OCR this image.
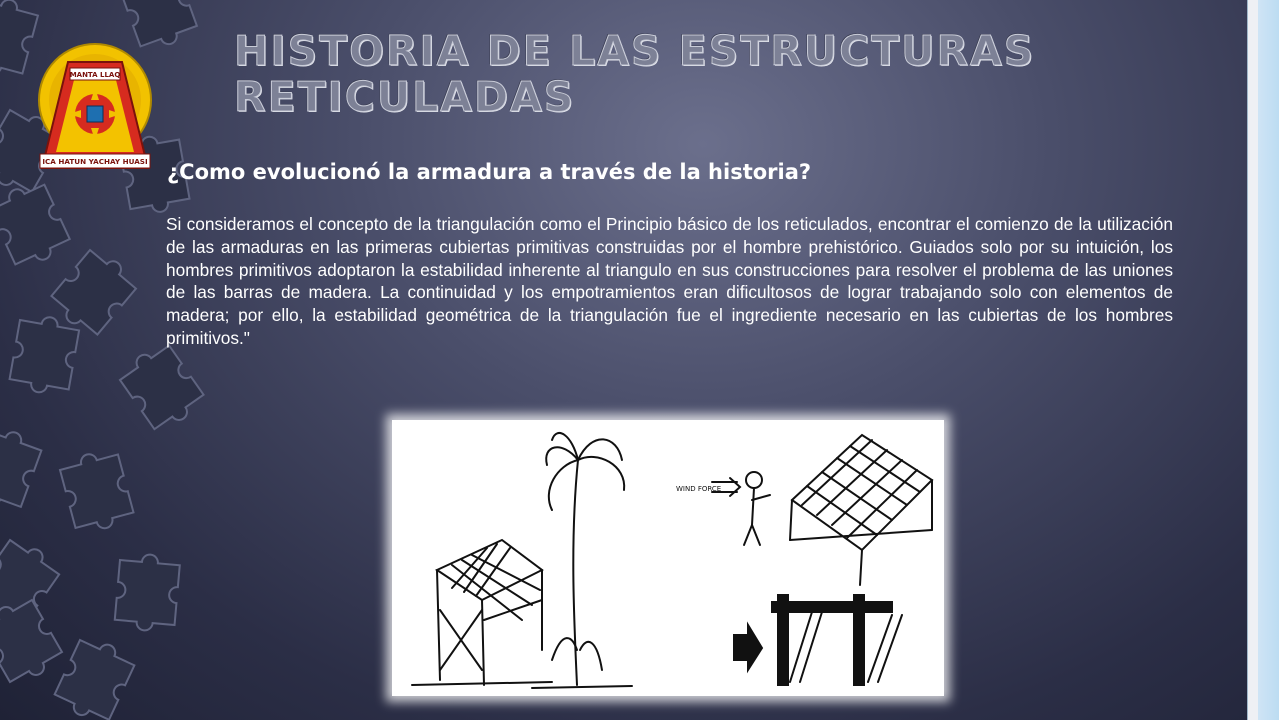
MANTA LLAQ
ICA HATUN YACHAY HUASI
HISTORIA DE LAS ESTRUCTURAS RETICULADAS

¿Como evolucionó la armadura a través de la historia?

Si consideramos el concepto de la triangulación como el Principio básico de los reticulados, encontrar el comienzo de la utilización de las armaduras en las primeras cubiertas primitivas construidas por el hombre prehistórico. Guiados solo por su intuición, los hombres primitivos adoptaron la estabilidad inherente al triangulo en sus construcciones para resolver el problema de las uniones de las barras de madera. La continuidad y los empotramientos eran dificultosos de lograr trabajando solo con elementos de madera; por ello, la estabilidad geométrica de la triangulación fue el ingrediente necesario en las cubiertas de los hombres primitivos."

WIND FORCE
